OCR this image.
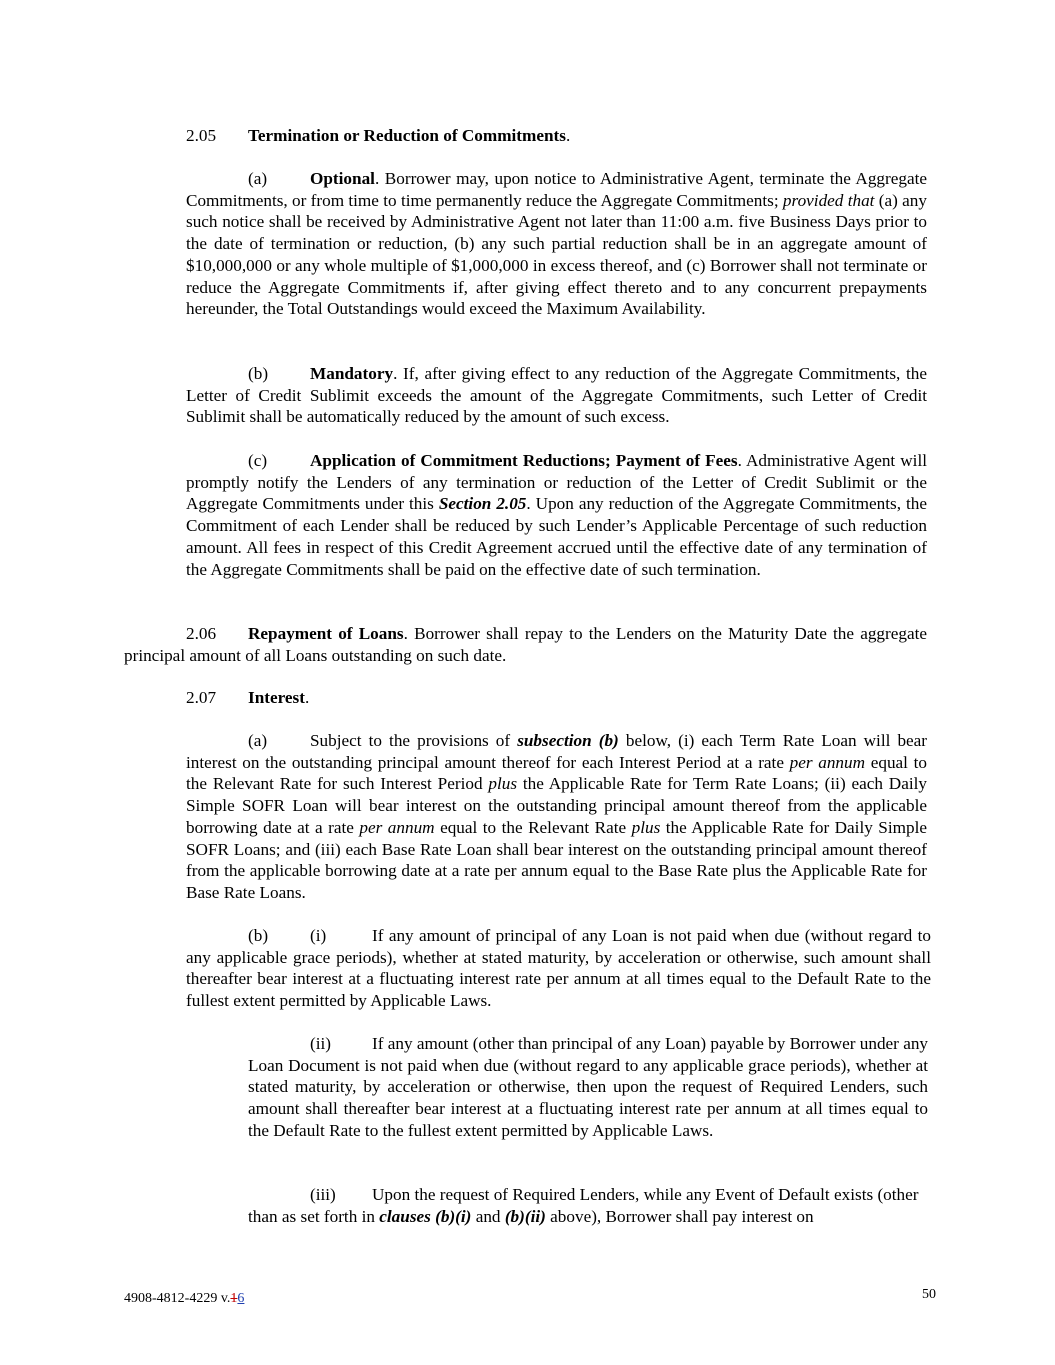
2.05 Termination or Reduction of Commitments.
(a) Optional. Borrower may, upon notice to Administrative Agent, terminate the Aggregate Commitments, or from time to time permanently reduce the Aggregate Commitments; provided that (a) any such notice shall be received by Administrative Agent not later than 11:00 a.m. five Business Days prior to the date of termination or reduction, (b) any such partial reduction shall be in an aggregate amount of $10,000,000 or any whole multiple of $1,000,000 in excess thereof, and (c) Borrower shall not terminate or reduce the Aggregate Commitments if, after giving effect thereto and to any concurrent prepayments hereunder, the Total Outstandings would exceed the Maximum Availability.
(b) Mandatory. If, after giving effect to any reduction of the Aggregate Commitments, the Letter of Credit Sublimit exceeds the amount of the Aggregate Commitments, such Letter of Credit Sublimit shall be automatically reduced by the amount of such excess.
(c) Application of Commitment Reductions; Payment of Fees. Administrative Agent will promptly notify the Lenders of any termination or reduction of the Letter of Credit Sublimit or the Aggregate Commitments under this Section 2.05. Upon any reduction of the Aggregate Commitments, the Commitment of each Lender shall be reduced by such Lender’s Applicable Percentage of such reduction amount. All fees in respect of this Credit Agreement accrued until the effective date of any termination of the Aggregate Commitments shall be paid on the effective date of such termination.
2.06 Repayment of Loans. Borrower shall repay to the Lenders on the Maturity Date the aggregate principal amount of all Loans outstanding on such date.
2.07 Interest.
(a) Subject to the provisions of subsection (b) below, (i) each Term Rate Loan will bear interest on the outstanding principal amount thereof for each Interest Period at a rate per annum equal to the Relevant Rate for such Interest Period plus the Applicable Rate for Term Rate Loans; (ii) each Daily Simple SOFR Loan will bear interest on the outstanding principal amount thereof from the applicable borrowing date at a rate per annum equal to the Relevant Rate plus the Applicable Rate for Daily Simple SOFR Loans; and (iii) each Base Rate Loan shall bear interest on the outstanding principal amount thereof from the applicable borrowing date at a rate per annum equal to the Base Rate plus the Applicable Rate for Base Rate Loans.
(b) (i)	If any amount of principal of any Loan is not paid when due (without regard to any applicable grace periods), whether at stated maturity, by acceleration or otherwise, such amount shall thereafter bear interest at a fluctuating interest rate per annum at all times equal to the Default Rate to the fullest extent permitted by Applicable Laws.
(ii) If any amount (other than principal of any Loan) payable by Borrower under any Loan Document is not paid when due (without regard to any applicable grace periods), whether at stated maturity, by acceleration or otherwise, then upon the request of Required Lenders, such amount shall thereafter bear interest at a fluctuating interest rate per annum at all times equal to the Default Rate to the fullest extent permitted by Applicable Laws.
(iii) Upon the request of Required Lenders, while any Event of Default exists (other than as set forth in clauses (b)(i) and (b)(ii) above), Borrower shall pay interest on
4908-4812-4229 v.16	50
